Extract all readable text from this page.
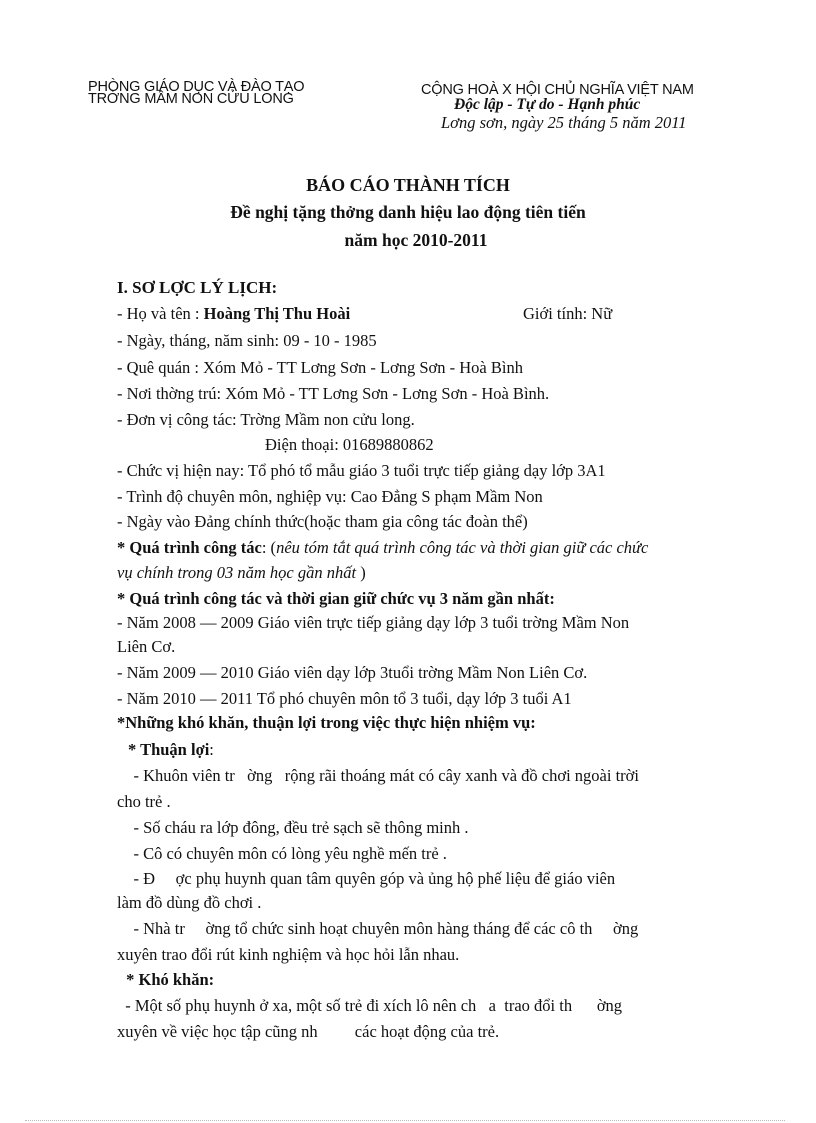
PHÒNG GIÁO DỤC VÀ ĐÀO TẠO
TRỜNG MẦM NON CỬU LONG
CỘNG HOÀ X HỘI CHỦ NGHĨA VIỆT NAM
Độc lập - Tự do - Hạnh phúc
Lơng sơn, ngày 25 tháng 5 năm 2011
BÁO CÁO THÀNH TÍCH
Đề nghị tặng thởng danh hiệu lao động tiên tiến
năm học 2010-2011
I. SƠ LỢC LÝ LỊCH:
- Họ và tên : Hoàng Thị Thu Hoài	Giới tính: Nữ
- Ngày, tháng, năm sinh: 09 - 10 - 1985
- Quê quán : Xóm Mỏ - TT Lơng Sơn - Lơng Sơn - Hoà Bình
- Nơi thờng trú: Xóm Mỏ - TT Lơng Sơn - Lơng Sơn - Hoà Bình.
- Đơn vị công tác: Trờng Mầm non cửu long.
Điện thoại: 01689880862
- Chức vị hiện nay: Tổ phó tổ mẫu giáo 3 tuổi trực tiếp giảng dạy lớp 3A1
- Trình độ chuyên môn, nghiệp vụ: Cao Đẳng S phạm Mầm Non
- Ngày vào Đảng chính thức(hoặc tham gia công tác đoàn thể)
* Quá trình công tác: (nêu tóm tắt quá trình công tác và thời gian giữ các chức
vụ chính trong 03 năm học gần nhất )
* Quá trình công tác và thời gian giữ chức vụ 3 năm gần nhất:
- Năm 2008 — 2009 Giáo viên trực tiếp giảng dạy lớp 3 tuổi trờng Mầm Non
Liên Cơ.
- Năm 2009 — 2010 Giáo viên dạy lớp 3tuổi trờng Mầm Non Liên Cơ.
- Năm 2010 — 2011 Tổ phó chuyên môn tổ 3 tuổi, dạy lớp 3 tuổi A1
*Những khó khăn, thuận lợi trong việc thực hiện nhiệm vụ:
* Thuận lợi:
- Khuôn viên tr   ờng   rộng rãi thoáng mát có cây xanh và đồ chơi ngoài trời
cho trẻ .
- Số cháu ra lớp đông, đều trẻ sạch sẽ thông minh .
- Cô có chuyên môn có lòng yêu nghề mến trẻ .
- Đ     ợc phụ huynh quan tâm quyên góp và ủng hộ phế liệu để giáo viên
làm đồ dùng đồ chơi .
- Nhà tr     ờng tổ chức sinh hoạt chuyên môn hàng tháng để các cô th     ờng
xuyên trao đổi rút kinh nghiệm và học hỏi lẫn nhau.
* Khó khăn:
- Một số phụ huynh ở xa, một số trẻ đi xích lô nên ch   a  trao đổi th      ờng
xuyên về việc học tập cũng nh         các hoạt động của trẻ.
